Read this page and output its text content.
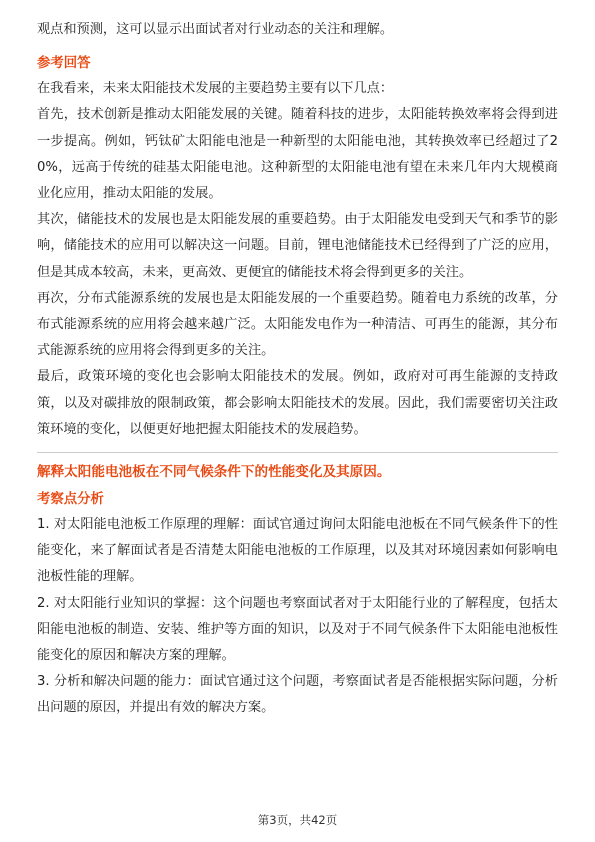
观点和预测，这可以显示出面试者对行业动态的关注和理解。

参考回答

在我看来，未来太阳能技术发展的主要趋势主要有以下几点：

首先，技术创新是推动太阳能发展的关键。随着科技的进步，太阳能转换效率将会得到进一步提高。例如，钙钛矿太阳能电池是一种新型的太阳能电池，其转换效率已经超过了20%，远高于传统的硅基太阳能电池。这种新型的太阳能电池有望在未来几年内大规模商业化应用，推动太阳能的发展。

其次，储能技术的发展也是太阳能发展的重要趋势。由于太阳能发电受到天气和季节的影响，储能技术的应用可以解决这一问题。目前，锂电池储能技术已经得到了广泛的应用，但是其成本较高，未来，更高效、更便宜的储能技术将会得到更多的关注。

再次，分布式能源系统的发展也是太阳能发展的一个重要趋势。随着电力系统的改革，分布式能源系统的应用将会越来越广泛。太阳能发电作为一种清洁、可再生的能源，其分布式能源系统的应用将会得到更多的关注。

最后，政策环境的变化也会影响太阳能技术的发展。例如，政府对可再生能源的支持政策，以及对碳排放的限制政策，都会影响太阳能技术的发展。因此，我们需要密切关注政策环境的变化，以便更好地把握太阳能技术的发展趋势。

解释太阳能电池板在不同气候条件下的性能变化及其原因。

考察点分析

1. 对太阳能电池板工作原理的理解：面试官通过询问太阳能电池板在不同气候条件下的性能变化，来了解面试者是否清楚太阳能电池板的工作原理，以及其对环境因素如何影响电池板性能的理解。

2. 对太阳能行业知识的掌握：这个问题也考察面试者对于太阳能行业的了解程度，包括太阳能电池板的制造、安装、维护等方面的知识，以及对于不同气候条件下太阳能电池板性能变化的原因和解决方案的理解。

3. 分析和解决问题的能力：面试官通过这个问题，考察面试者是否能根据实际问题，分析出问题的原因，并提出有效的解决方案。

第3页，共42页
